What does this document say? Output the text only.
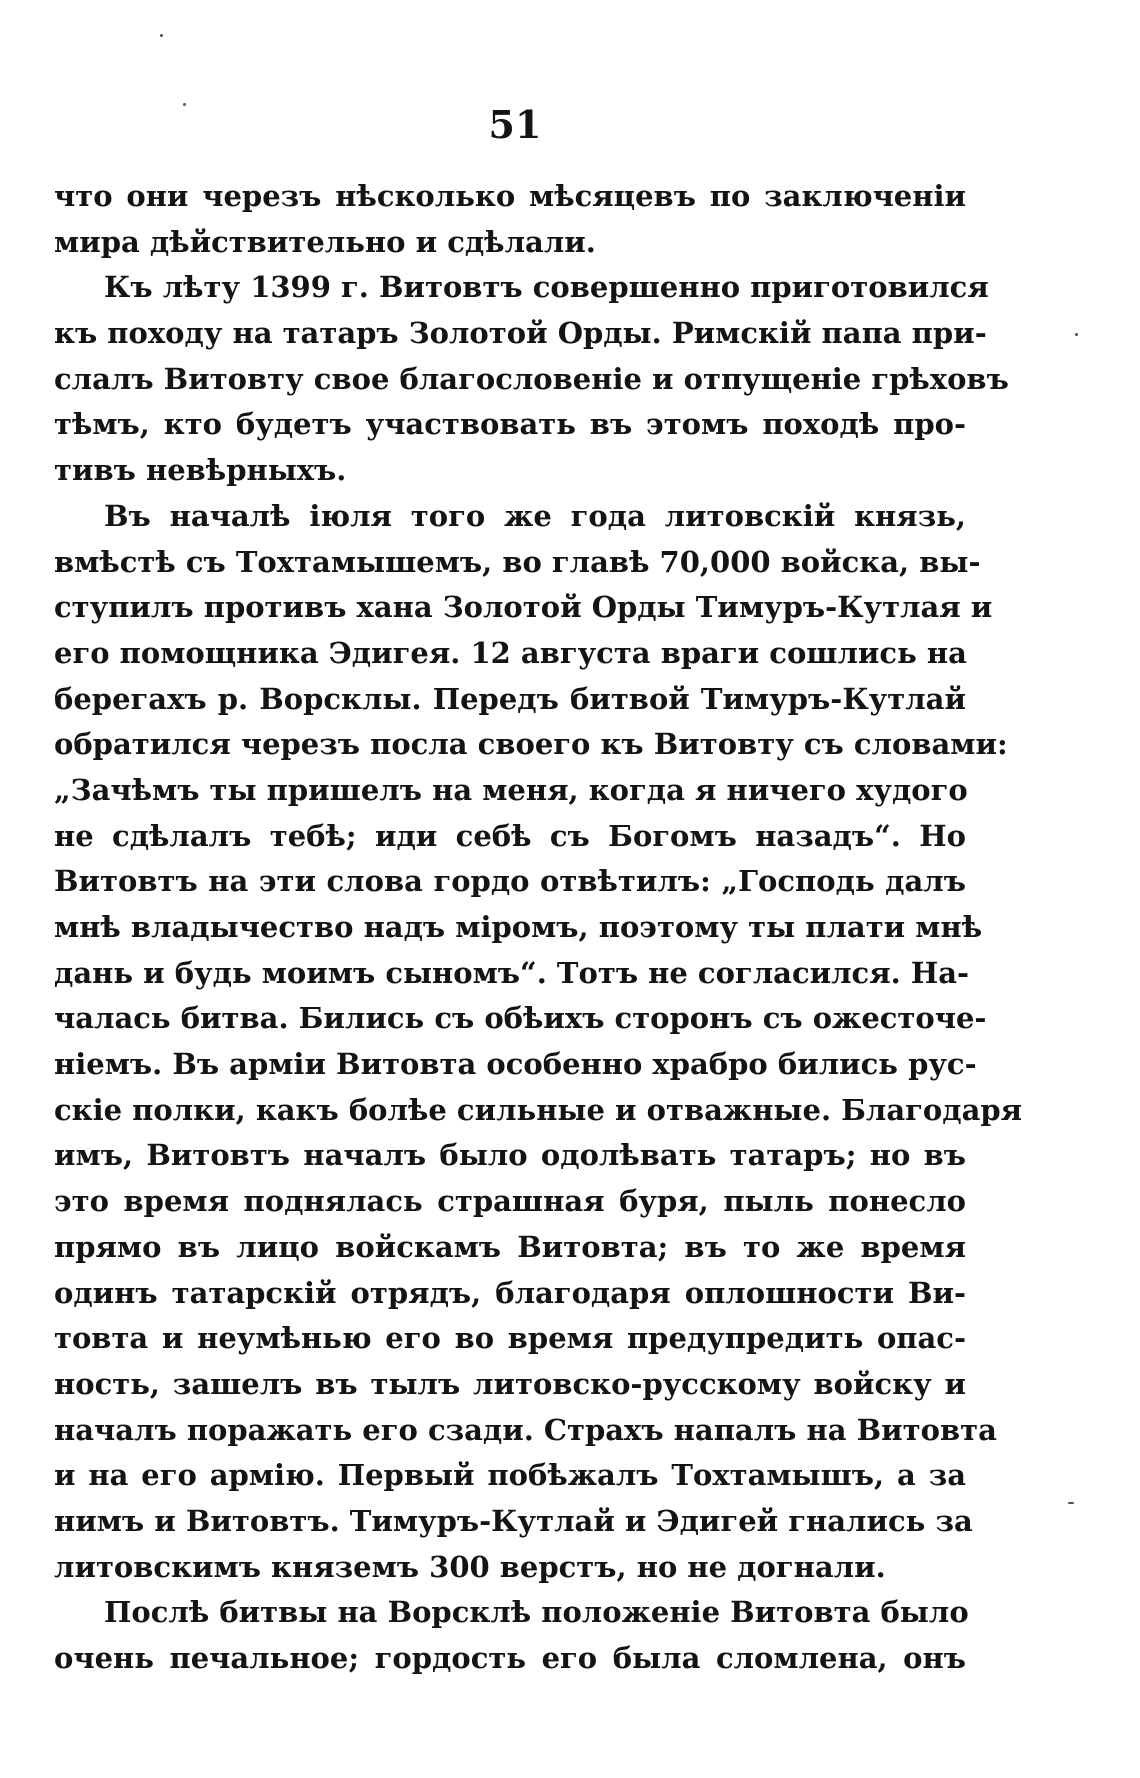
51
что они черезъ нѣсколько мѣсяцевъ по заключенiи
мира дѣйствительно и сдѣлали.
Къ лѣту 1399 г. Витовтъ совершенно приготовился
къ походу на татаръ Золотой Орды. Римскiй папа при-
слалъ Витовту свое благословенiе и отпущенiе грѣховъ
тѣмъ, кто будетъ участвовать въ этомъ походѣ про-
тивъ невѣрныхъ.
Въ началѣ iюля того же года литовскiй князь,
вмѣстѣ съ Тохтамышемъ, во главѣ 70,000 войска, вы-
ступилъ противъ хана Золотой Орды Тимуръ-Кутлая и
его помощника Эдигея. 12 августа враги сошлись на
берегахъ р. Ворсклы. Передъ битвой Тимуръ-Кутлай
обратился черезъ посла своего къ Витовту съ словами:
„Зачѣмъ ты пришелъ на меня, когда я ничего худого
не сдѣлалъ тебѣ; иди себѣ съ Богомъ назадъ“. Но
Витовтъ на эти слова гордо отвѣтилъ: „Господь далъ
мнѣ владычество надъ мiромъ, поэтому ты плати мнѣ
дань и будь моимъ сыномъ“. Тотъ не согласился. На-
чалась битва. Бились съ обѣихъ сторонъ съ ожесточе-
нiемъ. Въ армiи Витовта особенно храбро бились рус-
скiе полки, какъ болѣе сильные и отважные. Благодаря
имъ, Витовтъ началъ было одолѣвать татаръ; но въ
это время поднялась страшная буря, пыль понесло
прямо въ лицо войскамъ Витовта; въ то же время
одинъ татарскiй отрядъ, благодаря оплошности Ви-
товта и неумѣнью его во время предупредить опас-
ность, зашелъ въ тылъ литовско-русскому войску и
началъ поражать его сзади. Страхъ напалъ на Витовта
и на его армiю. Первый побѣжалъ Тохтамышъ, а за
нимъ и Витовтъ. Тимуръ-Кутлай и Эдигей гнались за
литовскимъ княземъ 300 верстъ, но не догнали.
Послѣ битвы на Ворсклѣ положенiе Витовта было
очень печальное; гордость его была сломлена, онъ
